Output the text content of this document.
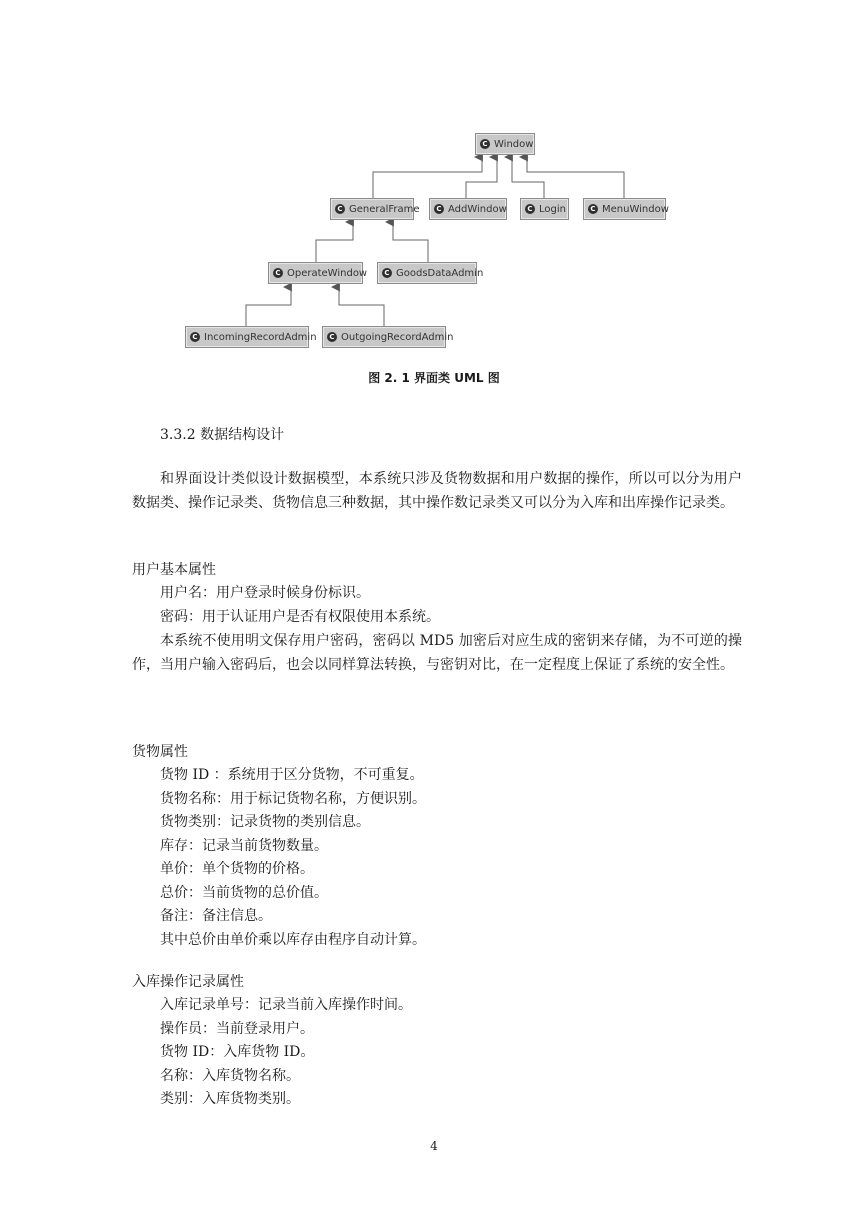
C Window
C GeneralFrame	C AddWindow	C Login	C MenuWindow
C OperateWindow	C GoodsDataAdmin
C IncomingRecordAdmin	C OutgoingRecordAdmin
图 2. 1 界面类 UML 图
3.3.2 数据结构设计

和界面设计类似设计数据模型，本系统只涉及货物数据和用户数据的操作，所以可以分为用户数据类、操作记录类、货物信息三种数据，其中操作数记录类又可以分为入库和出库操作记录类。

用户基本属性
用户名：用户登录时候身份标识。
密码：用于认证用户是否有权限使用本系统。

本系统不使用明文保存用户密码，密码以 MD5 加密后对应生成的密钥来存储，为不可逆的操作，当用户输入密码后，也会以同样算法转换，与密钥对比，在一定程度上保证了系统的安全性。

货物属性
货物 ID ：系统用于区分货物，不可重复。
货物名称：用于标记货物名称，方便识别。
货物类别：记录货物的类别信息。
库存：记录当前货物数量。
单价：单个货物的价格。
总价：当前货物的总价值。
备注：备注信息。
其中总价由单价乘以库存由程序自动计算。
入库操作记录属性
入库记录单号：记录当前入库操作时间。
操作员：当前登录用户。
货物 ID：入库货物 ID。
名称：入库货物名称。
类别：入库货物类别。
4
